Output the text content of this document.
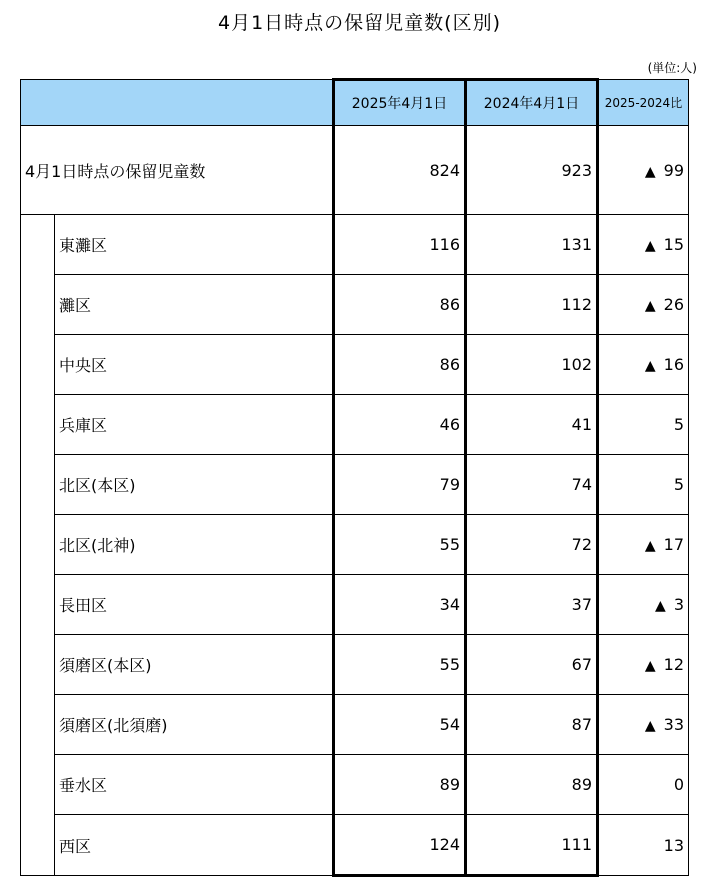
4月1日時点の保留児童数(区別)
(単位:人)
		2025年4月1日	2024年4月1日	2025-2024比
4月1日時点の保留児童数		824	923	▲ 99
	東灘区	116	131	▲ 15
	灘区	86	112	▲ 26
	中央区	86	102	▲ 16
	兵庫区	46	41	5
	北区(本区)	79	74	5
	北区(北神)	55	72	▲ 17
	長田区	34	37	▲ 3
	須磨区(本区)	55	67	▲ 12
	須磨区(北須磨)	54	87	▲ 33
	垂水区	89	89	0
	西区	124	111	13
